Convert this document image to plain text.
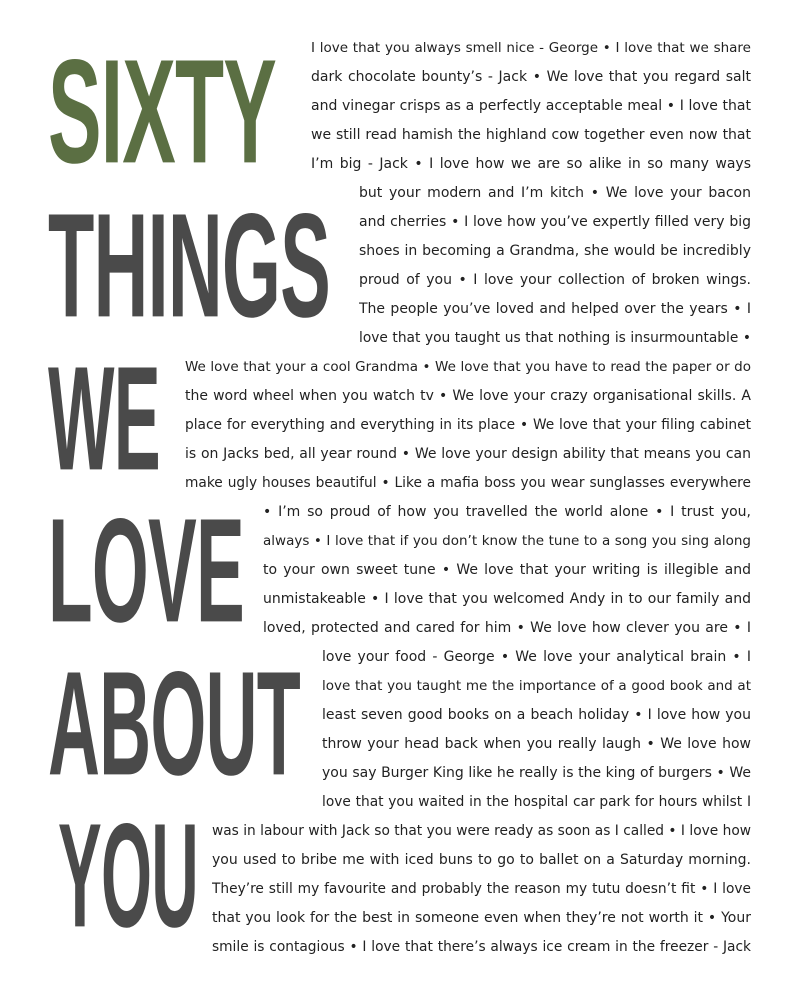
SIXTY
THINGS
WE
LOVE
ABOUT
YOU

I love that you always smell nice - George • I love that we share

dark chocolate bounty’s - Jack • We love that you regard salt

and vinegar crisps as a perfectly acceptable meal • I love that

we still read hamish the highland cow together even now that

I’m big - Jack • I love how we are so alike in so many ways

but your modern and I’m kitch • We love your bacon

and cherries • I love how you’ve expertly filled very big

shoes in becoming a Grandma, she would be incredibly

proud of you • I love your collection of broken wings.

The people you’ve loved and helped over the years • I

love that you taught us that nothing is insurmountable •

We love that your a cool Grandma • We love that you have to read the paper or do

the word wheel when you watch tv • We love your crazy organisational skills. A

place for everything and everything in its place • We love that your filing cabinet

is on Jacks bed, all year round • We love your design ability that means you can

make ugly houses beautiful • Like a mafia boss you wear sunglasses everywhere

• I’m so proud of how you travelled the world alone • I trust you,

always • I love that if you don’t know the tune to a song you sing along

to your own sweet tune • We love that your writing is illegible and

unmistakeable • I love that you welcomed Andy in to our family and

loved, protected and cared for him • We love how clever you are • I

love your food - George • We love your analytical brain • I

love that you taught me the importance of a good book and at

least seven good books on a beach holiday • I love how you

throw your head back when you really laugh • We love how

you say Burger King like he really is the king of burgers • We

love that you waited in the hospital car park for hours whilst I

was in labour with Jack so that you were ready as soon as I called • I love how

you used to bribe me with iced buns to go to ballet on a Saturday morning.

They’re still my favourite and probably the reason my tutu doesn’t fit • I love

that you look for the best in someone even when they’re not worth it • Your

smile is contagious • I love that there’s always ice cream in the freezer - Jack
